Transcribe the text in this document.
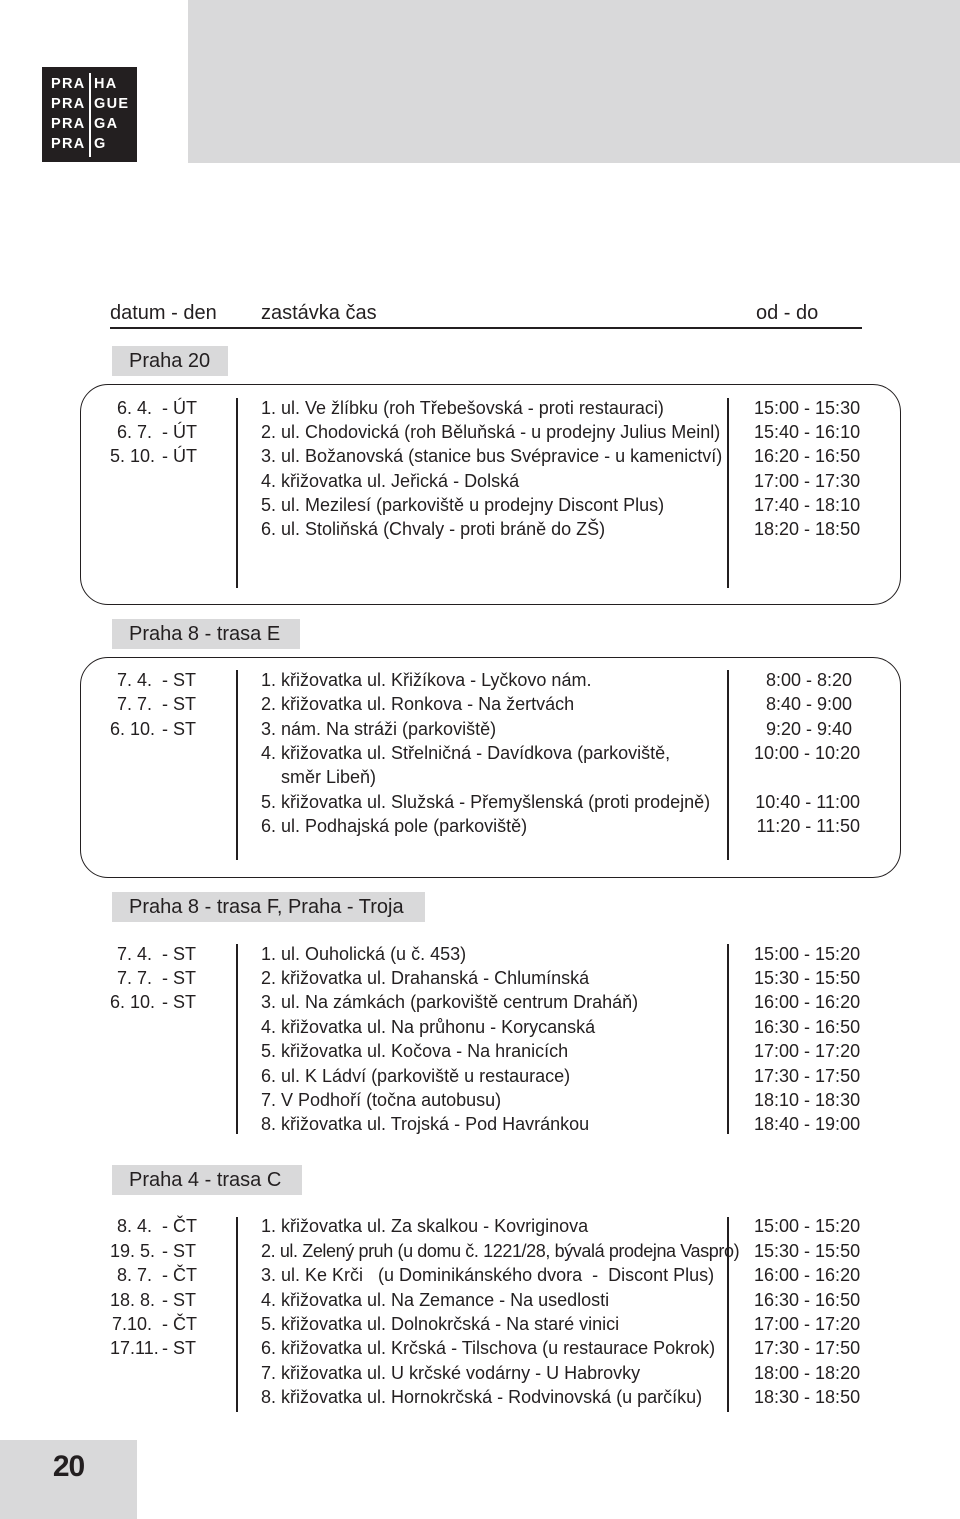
PRA HA
PRA GUE
PRA GA
PRA G
datum - den zastávka čas	od - do
Praha 20
6. 4. - ÚT
6. 7. - ÚT
5. 10. - ÚT
1. ul. Ve žlíbku (roh Třebešovská - proti restauraci)
2. ul. Chodovická (roh Běluňská - u prodejny Julius Meinl)
3. ul. Božanovská (stanice bus Svépravice - u kamenictví)
4. křižovatka ul. Jeřická - Dolská
5. ul. Mezilesí (parkoviště u prodejny Discont Plus)
6. ul. Stoliňská (Chvaly - proti bráně do ZŠ)
15:00 - 15:30
15:40 - 16:10
16:20 - 16:50
17:00 - 17:30
17:40 - 18:10
18:20 - 18:50
Praha 8 - trasa E
7. 4. - ST
7. 7. - ST
6. 10. - ST
1. křižovatka ul. Křižíkova - Lyčkovo nám.
2. křižovatka ul. Ronkova - Na žertvách
3. nám. Na stráži (parkoviště)
4. křižovatka ul. Střelničná - Davídkova (parkoviště,
směr Libeň)
5. křižovatka ul. Služská - Přemyšlenská (proti prodejně)
6. ul. Podhajská pole (parkoviště)
8:00 - 8:20
8:40 - 9:00
9:20 - 9:40
10:00 - 10:20
10:40 - 11:00
11:20 - 11:50
Praha 8 - trasa F, Praha - Troja
7. 4. - ST
7. 7. - ST
6. 10. - ST
1. ul. Ouholická (u č. 453)
2. křižovatka ul. Drahanská - Chlumínská
3. ul. Na zámkách (parkoviště centrum Draháň)
4. křižovatka ul. Na průhonu - Korycanská
5. křižovatka ul. Kočova - Na hranicích
6. ul. K Ládví (parkoviště u restaurace)
7. V Podhoří (točna autobusu)
8. křižovatka ul. Trojská - Pod Havránkou
15:00 - 15:20
15:30 - 15:50
16:00 - 16:20
16:30 - 16:50
17:00 - 17:20
17:30 - 17:50
18:10 - 18:30
18:40 - 19:00
Praha 4 - trasa C
8. 4. - ČT
19. 5. - ST
8. 7. - ČT
18. 8. - ST
7.10. - ČT
17.11. - ST
1. křižovatka ul. Za skalkou - Kovriginova
2. ul. Zelený pruh (u domu č. 1221/28, bývalá prodejna Vaspro)
3. ul. Ke Krči   (u Dominikánského dvora  -  Discont Plus)
4. křižovatka ul. Na Zemance - Na usedlosti
5. křižovatka ul. Dolnokrčská - Na staré vinici
6. křižovatka ul. Krčská - Tilschova (u restaurace Pokrok)
7. křižovatka ul. U krčské vodárny - U Habrovky
8. křižovatka ul. Hornokrčská - Rodvinovská (u parčíku)
15:00 - 15:20
15:30 - 15:50
16:00 - 16:20
16:30 - 16:50
17:00 - 17:20
17:30 - 17:50
18:00 - 18:20
18:30 - 18:50
20
